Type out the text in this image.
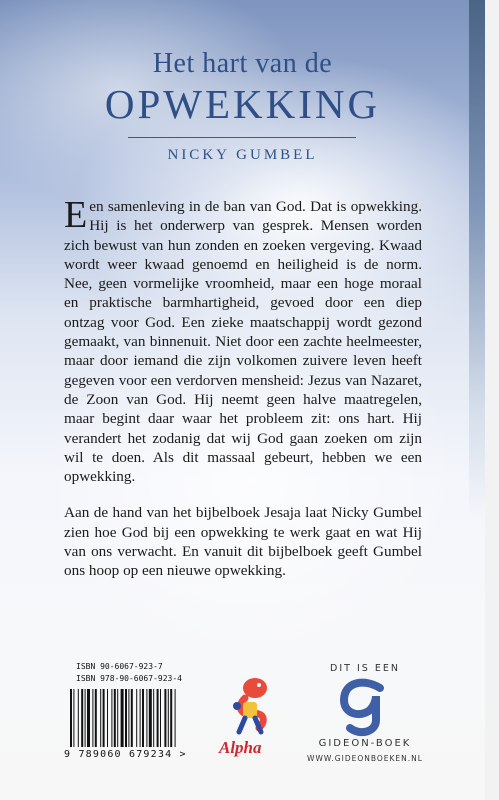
Het hart van de
OPWEKKING
NICKY GUMBEL

Een samenleving in de ban van God. Dat is opwekking. Hij is het onderwerp van gesprek. Mensen worden zich bewust van hun zonden en zoeken vergeving. Kwaad wordt weer kwaad genoemd en heiligheid is de norm. Nee, geen vormelijke vroomheid, maar een hoge moraal en praktische barmhartigheid, gevoed door een diep ontzag voor God. Een zieke maatschappij wordt gezond gemaakt, van binnenuit. Niet door een zachte heelmeester, maar door iemand die zijn volkomen zuivere leven heeft gegeven voor een verdorven mensheid: Jezus van Nazaret, de Zoon van God. Hij neemt geen halve maatregelen, maar begint daar waar het probleem zit: ons hart. Hij verandert het zodanig dat wij God gaan zoeken om zijn wil te doen. Als dit massaal gebeurt, hebben we een opwekking.

Aan de hand van het bijbelboek Jesaja laat Nicky Gumbel zien hoe God bij een opwekking te werk gaat en wat Hij van ons verwacht. En vanuit dit bijbelboek geeft Gumbel ons hoop op een nieuwe opwekking.

ISBN 90-6067-923-7
ISBN 978-90-6067-923-4
9 789060 679234 > Alpha
DIT IS EEN
GIDEON-BOEK
WWW.GIDEONBOEKEN.NL
